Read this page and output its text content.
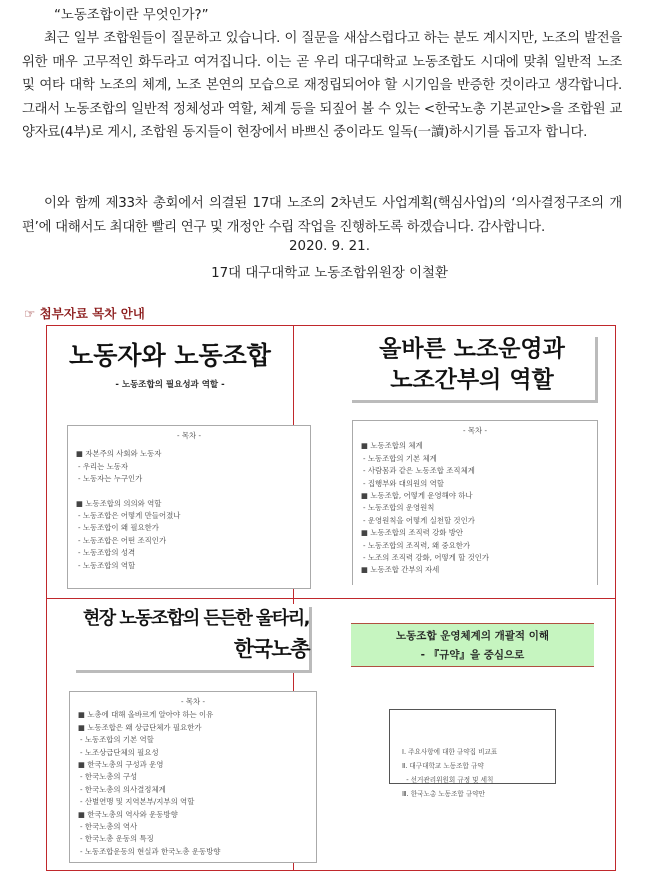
“노동조합이란 무엇인가?”
최근 일부 조합원들이 질문하고 있습니다. 이 질문을 새삼스럽다고 하는 분도 계시지만, 노조의 발전을 위한 매우 고무적인 화두라고 여겨집니다. 이는 곧 우리 대구대학교 노동조합도 시대에 맞춰 일반적 노조 및 여타 대학 노조의 체계, 노조 본연의 모습으로 재정립되어야 할 시기임을 반증한 것이라고 생각합니다. 그래서 노동조합의 일반적 정체성과 역할, 체계 등을 되짚어 볼 수 있는 <한국노총 기본교안>을 조합원 교양자료(4부)로 게시, 조합원 동지들이 현장에서 바쁘신 중이라도 일독(一讀)하시기를 돕고자 합니다.
이와 함께 제33차 총회에서 의결된 17대 노조의 2차년도 사업계획(핵심사업)의 ‘의사결정구조의 개편’에 대해서도 최대한 빨리 연구 및 개정안 수립 작업을 진행하도록 하겠습니다. 감사합니다.
2020. 9. 21.
17대 대구대학교 노동조합위원장 이철환
☞ 첨부자료 목차 안내
노동자와 노동조합
- 노동조합의 필요성과 역할 -
- 목차 -
■ 자본주의 사회와 노동자
- 우리는 노동자
- 노동자는 누구인가
■ 노동조합의 의의와 역할
- 노동조합은 어떻게 만들어졌나
- 노동조합이 왜 필요한가
- 노동조합은 어떤 조직인가
- 노동조합의 성격
- 노동조합의 역할
올바른 노조운영과
노조간부의 역할
- 목차 -
■ 노동조합의 체계
- 노동조합의 기본 체계
- 사람몸과 같은 노동조합 조직체계
- 집행부와 대의원의 역할
■ 노동조합, 어떻게 운영해야 하나
- 노동조합의 운영원칙
- 운영원칙을 어떻게 실천할 것인가
■ 노동조합의 조직력 강화 방안
- 노동조합의 조직력, 왜 중요한가
- 노조의 조직력 강화, 어떻게 할 것인가
■ 노동조합 간부의 자세
현장 노동조합의 든든한 울타리,
한국노총
- 목차 -
■ 노총에 대해 올바르게 알아야 하는 이유
■ 노동조합은 왜 상급단체가 필요한가
- 노동조합의 기본 역할
- 노조상급단체의 필요성
■ 한국노총의 구성과 운영
- 한국노총의 구성
- 한국노총의 의사결정체계
- 산별연맹 및 지역본부/지부의 역할
■ 한국노총의 역사와 운동방향
- 한국노총의 역사
- 한국노총 운동의 특징
- 노동조합운동의 현실과 한국노총 운동방향
노동조합 운영체계의 개괄적 이해
- 『규약』을 중심으로

Ⅰ. 주요사항에 대한 규약집 비교표
Ⅱ. 대구대학교 노동조합 규약
- 선거관리위원회 규정 및 세칙
Ⅲ. 한국노총 노동조합 규약안
